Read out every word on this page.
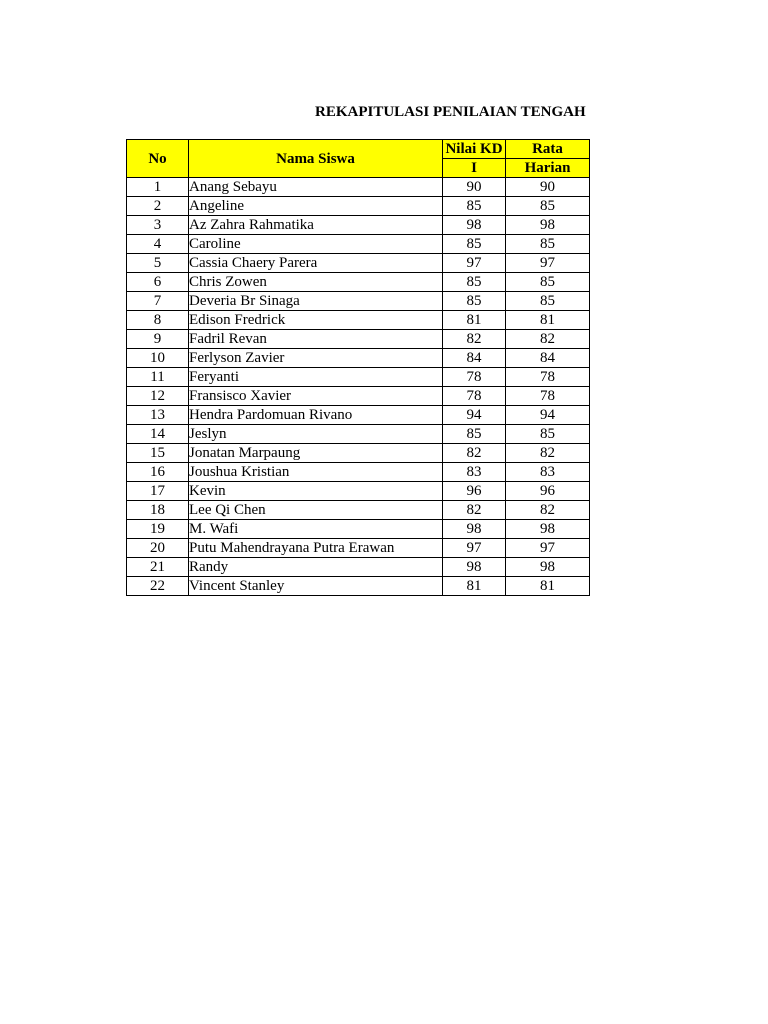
REKAPITULASI PENILAIAN TENGAH
No	Nama Siswa	Nilai KD	Rata
		I	Harian
1	Anang Sebayu	90	90
2	Angeline	85	85
3	Az Zahra Rahmatika	98	98
4	Caroline	85	85
5	Cassia Chaery Parera	97	97
6	Chris Zowen	85	85
7	Deveria Br Sinaga	85	85
8	Edison Fredrick	81	81
9	Fadril Revan	82	82
10	Ferlyson Zavier	84	84
11	Feryanti	78	78
12	Fransisco Xavier	78	78
13	Hendra Pardomuan Rivano	94	94
14	Jeslyn	85	85
15	Jonatan Marpaung	82	82
16	Joushua Kristian	83	83
17	Kevin	96	96
18	Lee Qi Chen	82	82
19	M. Wafi	98	98
20	Putu Mahendrayana Putra Erawan	97	97
21	Randy	98	98
22	Vincent Stanley	81	81
